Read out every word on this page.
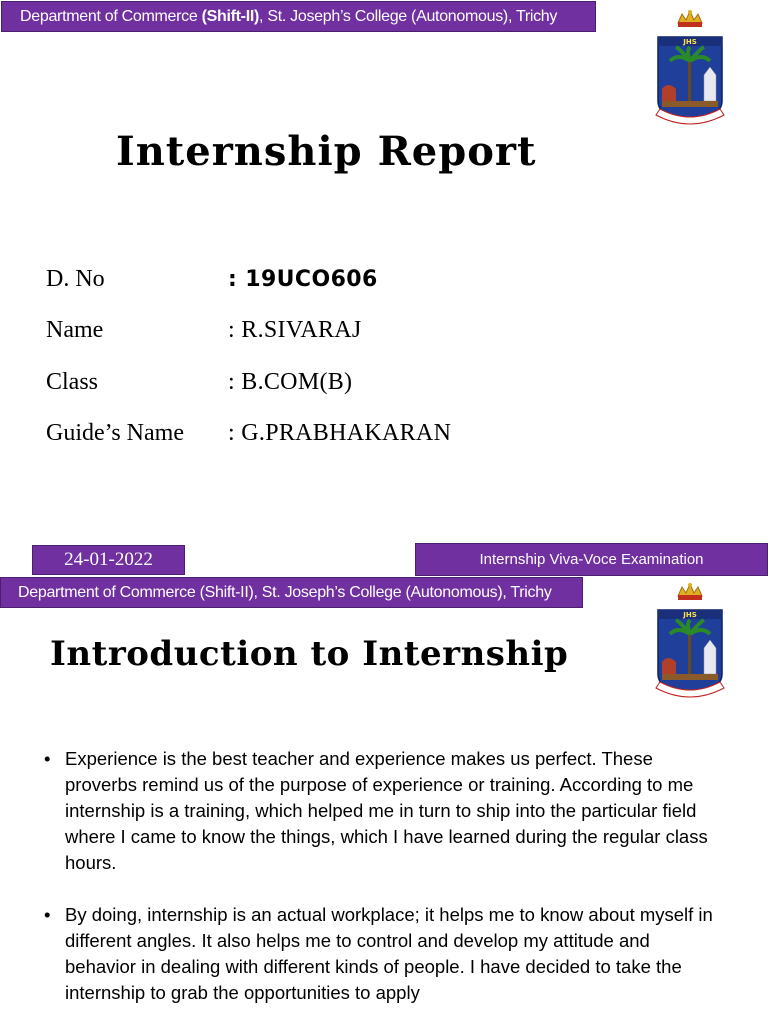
Department of Commerce (Shift-II), St. Joseph’s College (Autonomous), Trichy
JHS
Internship Report
D. No	: 19UCO606
Name	: R.SIVARAJ
Class	: B.COM(B)
Guide’s Name : G.PRABHAKARAN
24-01-2022	Internship Viva-Voce Examination
Department of Commerce (Shift-II), St. Joseph’s College (Autonomous), Trichy
JHS
Introduction to Internship
• Experience is the best teacher and experience makes us perfect. These proverbs remind us of the purpose of experience or training. According to me internship is a training, which helped me in turn to ship into the particular field where I came to know the things, which I have learned during the regular class hours.
• By doing, internship is an actual workplace; it helps me to know about myself in different angles. It also helps me to control and develop my attitude and behavior in dealing with different kinds of people. I have decided to take the internship to grab the opportunities to apply
